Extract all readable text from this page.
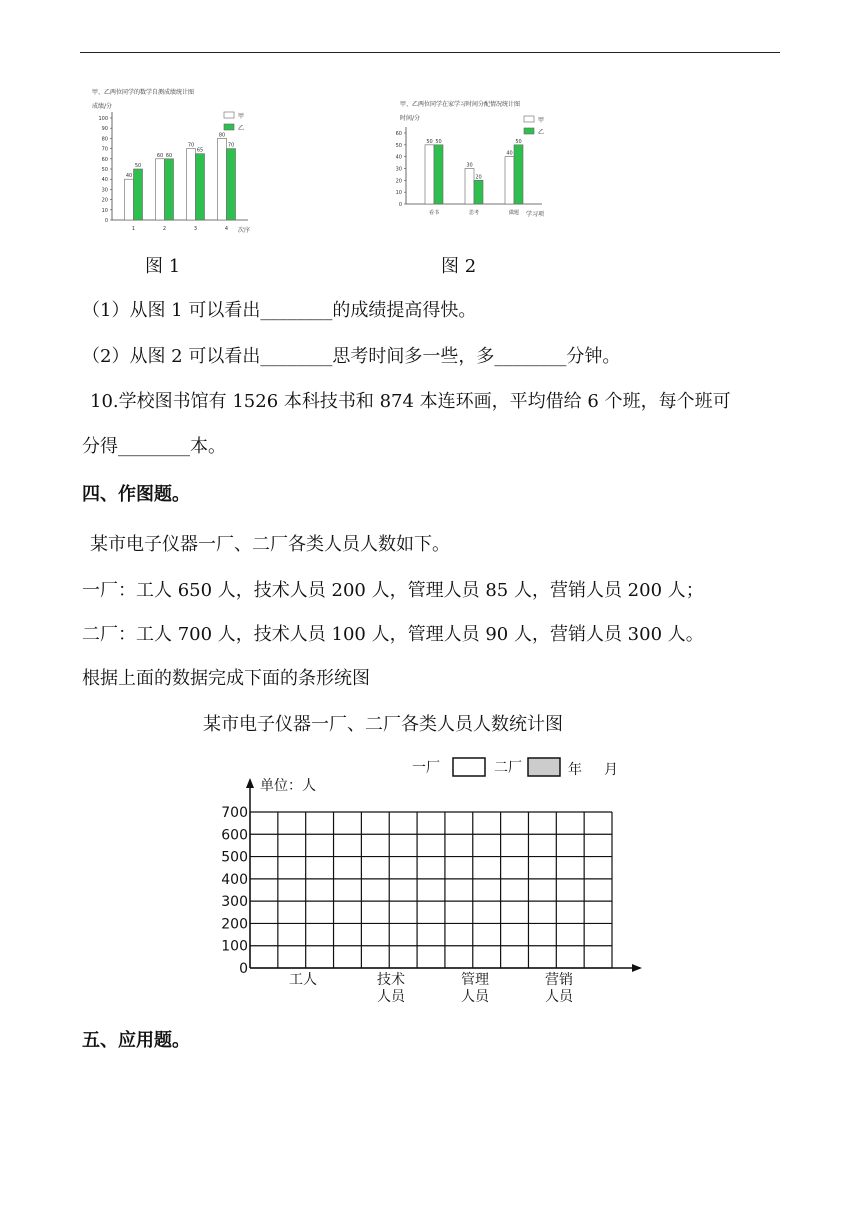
甲、乙两位同学的数学自测成绩统计图
成绩/分
次序
0
10
20
30
40
50
60
70
80
90
100
40
50
1
60 60
2
70
65
3
80
70
4
甲
乙
甲、乙两位同学在家学习时间分配情况统计图
时间/分
学习项
0
10
20
30
40
50
60
50 50
看书
30
20
思考
40
50
做题
甲
乙
图 1	图 2
（1）从图 1 可以看出________的成绩提高得快。
（2）从图 2 可以看出________思考时间多一些，多________分钟。
10.学校图书馆有 1526 本科技书和 874 本连环画，平均借给 6 个班，每个班可
分得________本。
四、作图题。
某市电子仪器一厂、二厂各类人员人数如下。
一厂：工人 650 人，技术人员 200 人，管理人员 85 人，营销人员 200 人；
二厂：工人 700 人，技术人员 100 人，管理人员 90 人，营销人员 300 人。
根据上面的数据完成下面的条形统图
某市电子仪器一厂、二厂各类人员人数统计图
0
100
200
300
400
500
600
700
单位：人
一厂	二厂	年 月
工人	技术
人员
管理
人员
营销
人员
五、应用题。
